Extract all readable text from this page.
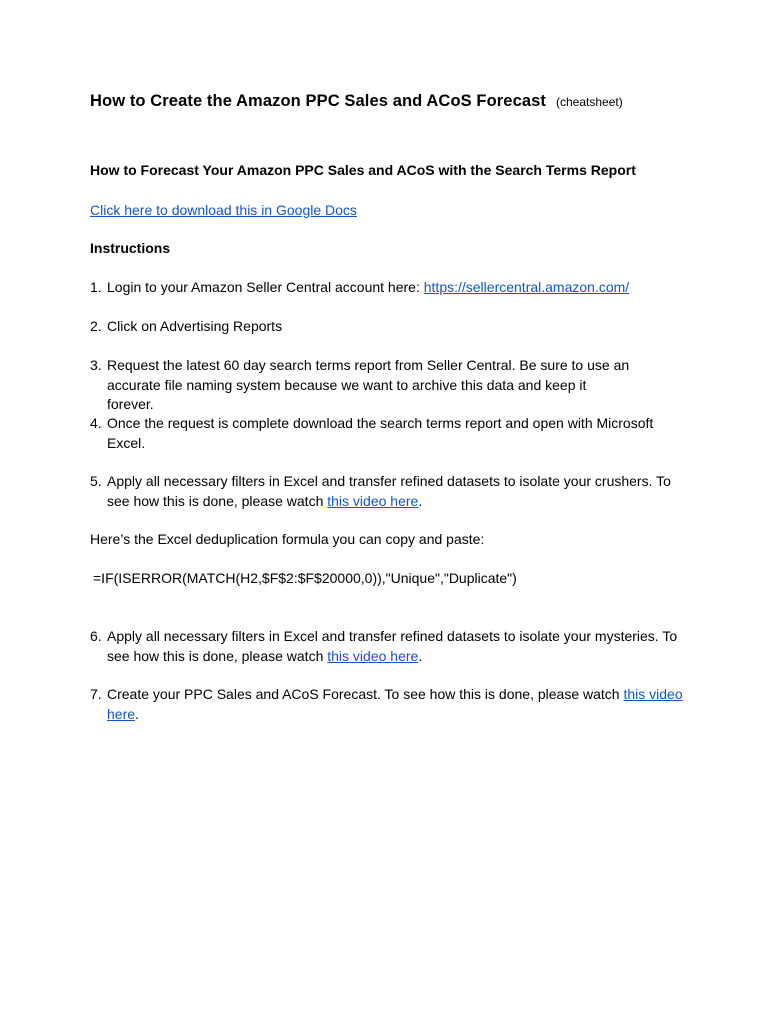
How to Create the Amazon PPC Sales and ACoS Forecast (cheatsheet)

How to Forecast Your Amazon PPC Sales and ACoS with the Search Terms Report

Click here to download this in Google Docs

Instructions

1. Login to your Amazon Seller Central account here: https://sellercentral.amazon.com/
2. Click on Advertising Reports
3. Request the latest 60 day search terms report from Seller Central. Be sure to use an accurate file naming system because we want to archive this data and keep it forever.
4. Once the request is complete download the search terms report and open with Microsoft Excel.
5. Apply all necessary filters in Excel and transfer refined datasets to isolate your crushers. To see how this is done, please watch this video here.

Here’s the Excel deduplication formula you can copy and paste:

=IF(ISERROR(MATCH(H2,$F$2:$F$20000,0)),"Unique","Duplicate")

6. Apply all necessary filters in Excel and transfer refined datasets to isolate your mysteries. To see how this is done, please watch this video here.
7. Create your PPC Sales and ACoS Forecast. To see how this is done, please watch this video here.
